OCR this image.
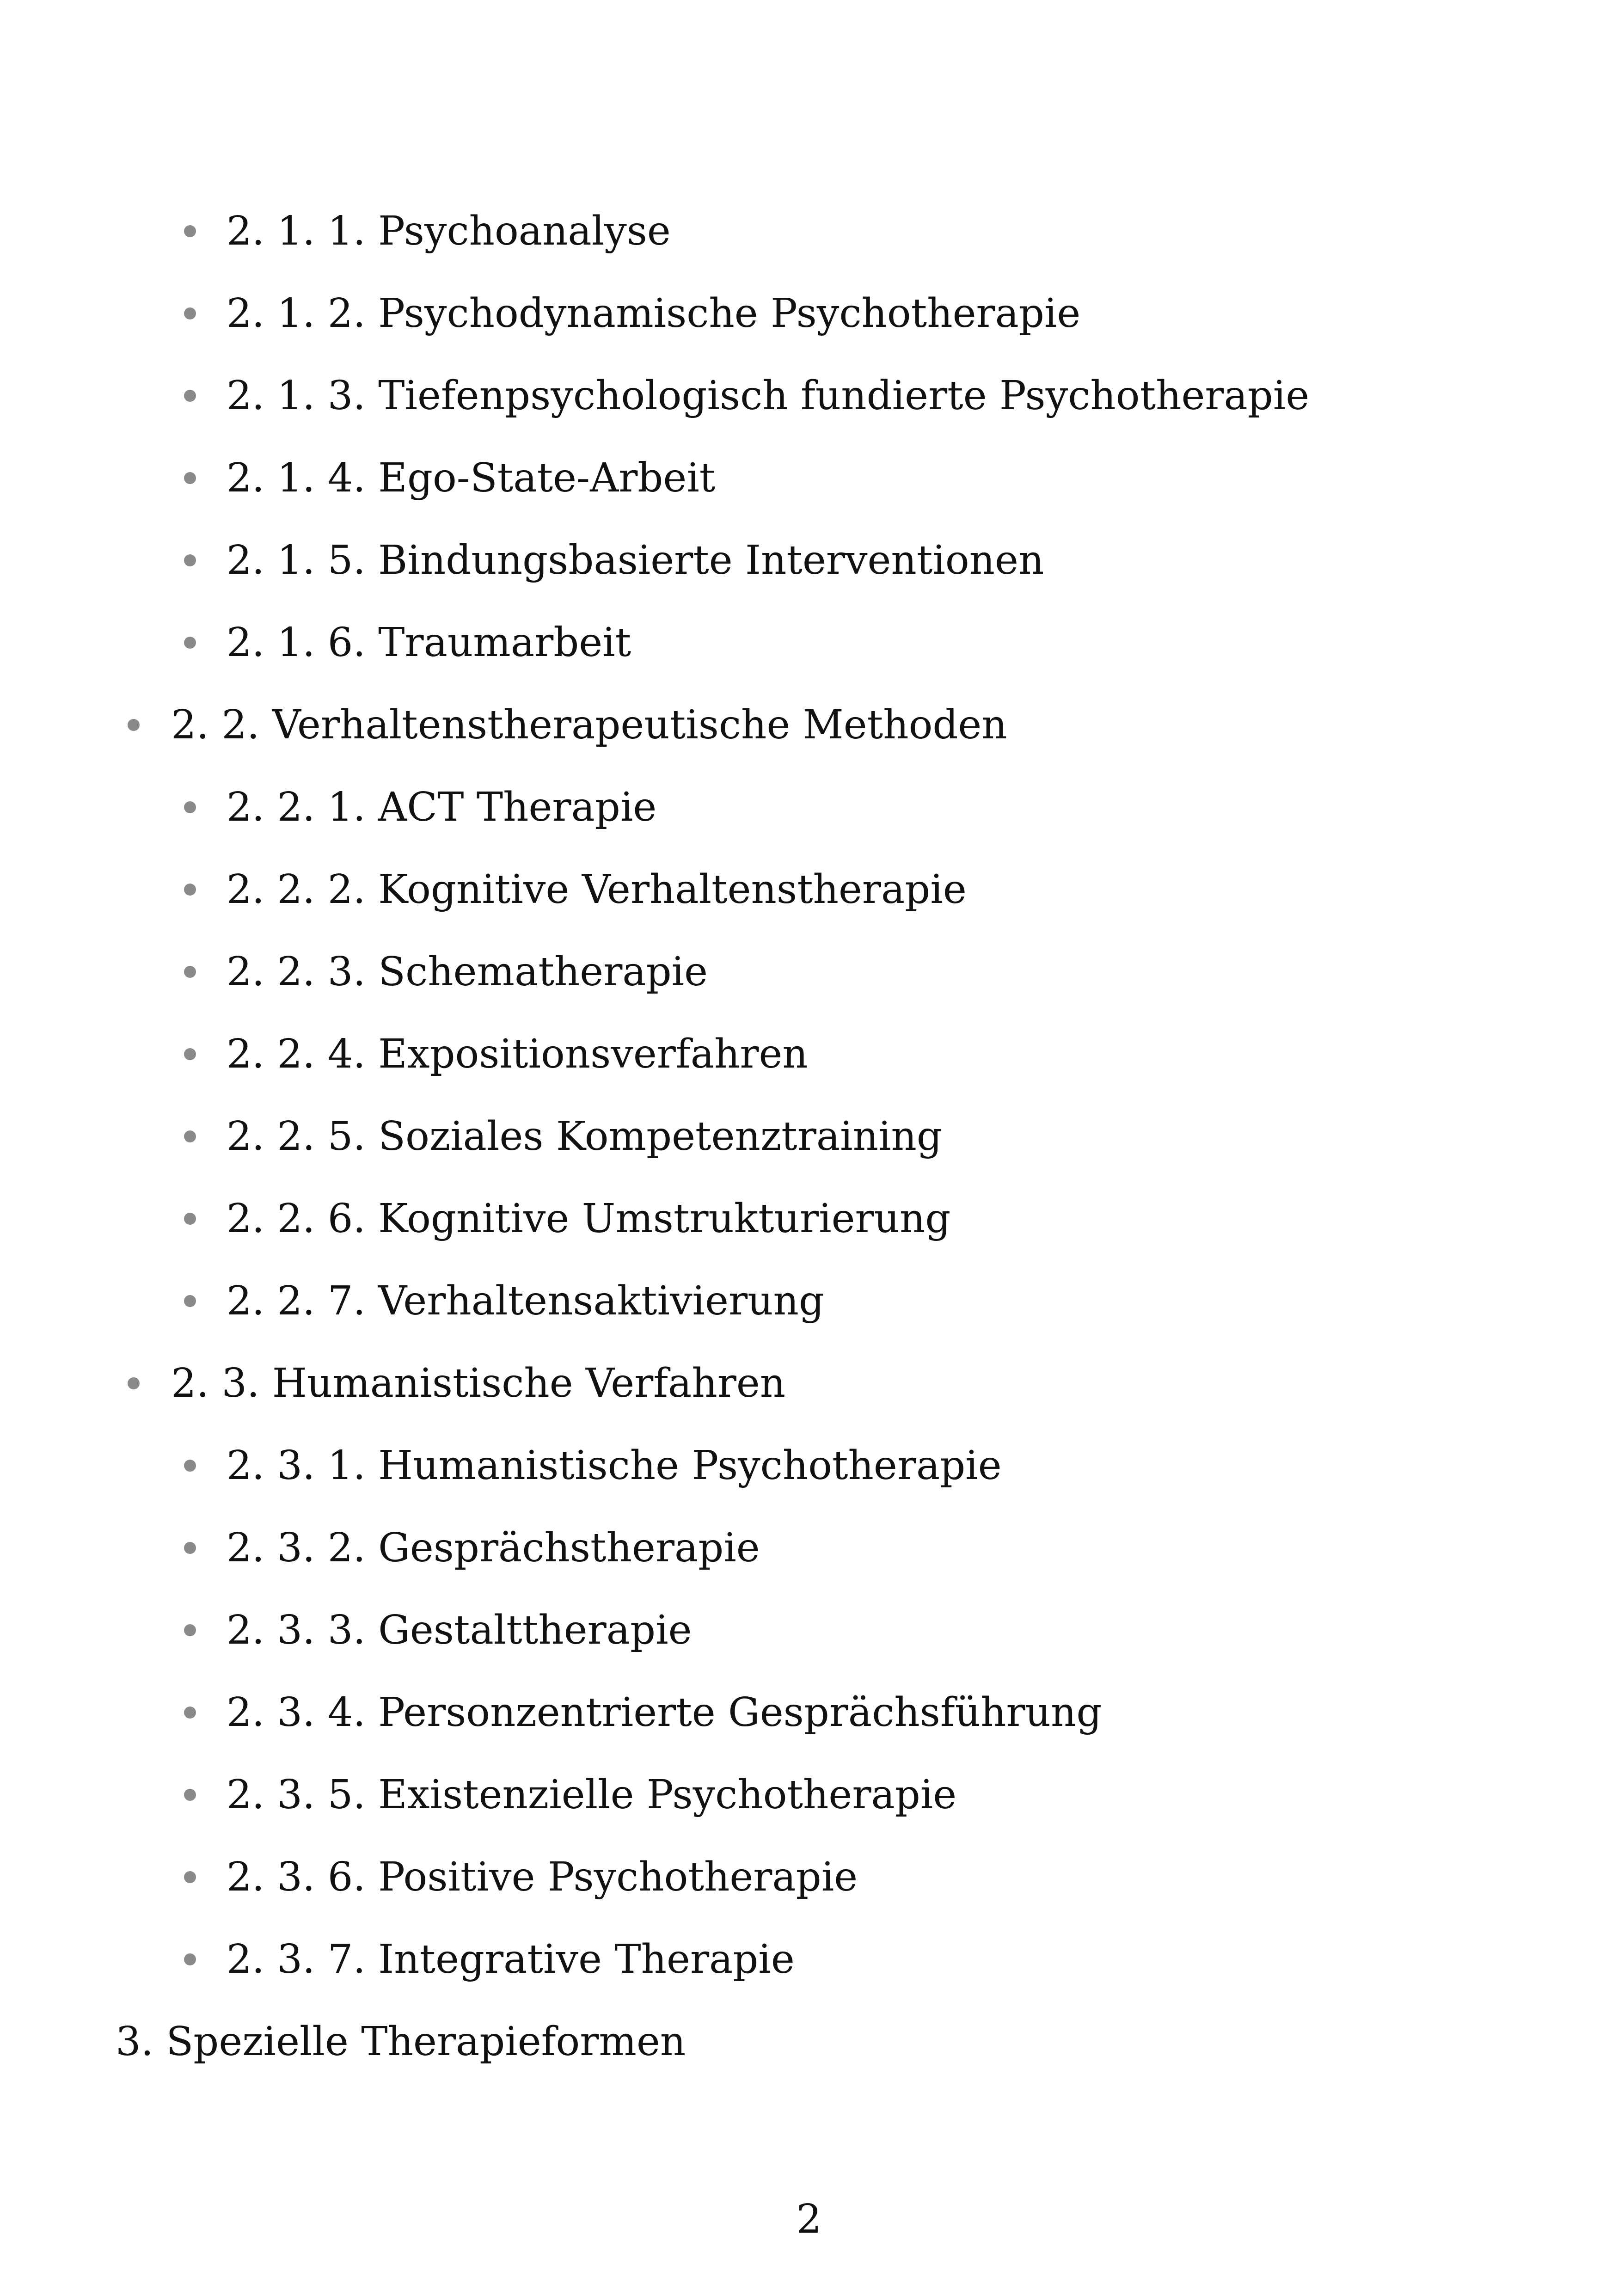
2. 1. 1. Psychoanalyse
2. 1. 2. Psychodynamische Psychotherapie
2. 1. 3. Tiefenpsychologisch fundierte Psychotherapie
2. 1. 4. Ego-State-Arbeit
2. 1. 5. Bindungsbasierte Interventionen
2. 1. 6. Traumarbeit
2. 2. Verhaltenstherapeutische Methoden
2. 2. 1. ACT Therapie
2. 2. 2. Kognitive Verhaltenstherapie
2. 2. 3. Schematherapie
2. 2. 4. Expositionsverfahren
2. 2. 5. Soziales Kompetenztraining
2. 2. 6. Kognitive Umstrukturierung
2. 2. 7. Verhaltensaktivierung
2. 3. Humanistische Verfahren
2. 3. 1. Humanistische Psychotherapie
2. 3. 2. Gesprächstherapie
2. 3. 3. Gestalttherapie
2. 3. 4. Personzentrierte Gesprächsführung
2. 3. 5. Existenzielle Psychotherapie
2. 3. 6. Positive Psychotherapie
2. 3. 7. Integrative Therapie
3. Spezielle Therapieformen
2
